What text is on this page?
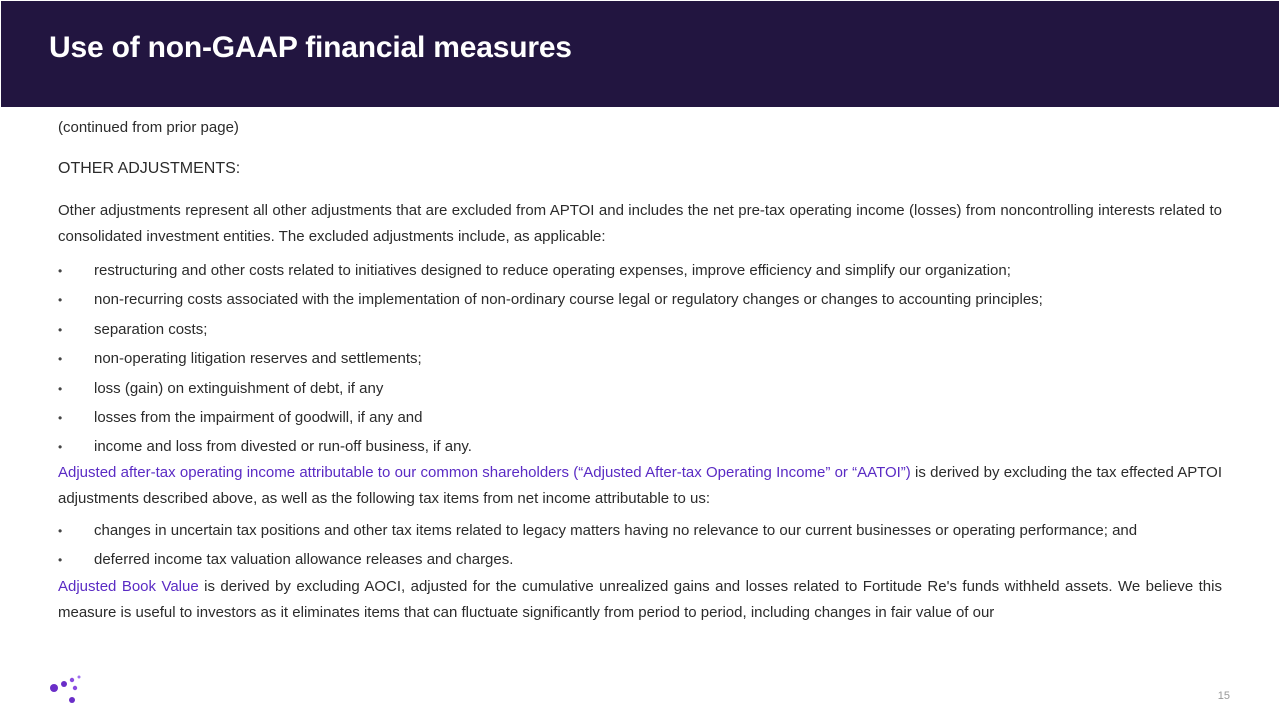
Use of non-GAAP financial measures

(continued from prior page)

OTHER ADJUSTMENTS:

Other adjustments represent all other adjustments that are excluded from APTOI and includes the net pre-tax operating income (losses) from noncontrolling interests related to consolidated investment entities. The excluded adjustments include, as applicable:

• restructuring and other costs related to initiatives designed to reduce operating expenses, improve efficiency and simplify our organization;
• non-recurring costs associated with the implementation of non-ordinary course legal or regulatory changes or changes to accounting principles;
• separation costs;
• non-operating litigation reserves and settlements;
• loss (gain) on extinguishment of debt, if any
• losses from the impairment of goodwill, if any and
• income and loss from divested or run-off business, if any.

Adjusted after-tax operating income attributable to our common shareholders (“Adjusted After-tax Operating Income” or “AATOI”) is derived by excluding the tax effected APTOI adjustments described above, as well as the following tax items from net income attributable to us:

• changes in uncertain tax positions and other tax items related to legacy matters having no relevance to our current businesses or operating performance; and
• deferred income tax valuation allowance releases and charges.

Adjusted Book Value is derived by excluding AOCI, adjusted for the cumulative unrealized gains and losses related to Fortitude Re's funds withheld assets. We believe this measure is useful to investors as it eliminates items that can fluctuate significantly from period to period, including changes in fair value of our

15
